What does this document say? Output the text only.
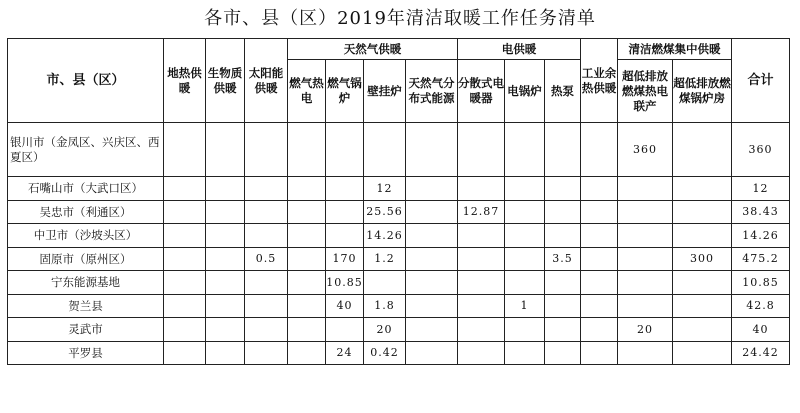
各市、县（区）2019年清洁取暖工作任务清单
市、县（区）	地热供暖	生物质供暖	太阳能供暖	天然气供暖				电供暖			工业余热供暖	清洁燃煤集中供暖		合计
				燃气热电	燃气锅炉	壁挂炉	天然气分布式能源	分散式电暖器	电锅炉	热泵		超低排放燃煤热电联产	超低排放燃煤锅炉房	
银川市（金凤区、兴庆区、西夏区）												360		360
石嘴山市（大武口区）						12								12
吴忠市（利通区）						25.56		12.87						38.43
中卫市（沙坡头区）						14.26								14.26
固原市（原州区）			0.5		170	1.2				3.5			300	475.2
宁东能源基地					10.85									10.85
贺兰县					40	1.8			1					42.8
灵武市						20						20		40
平罗县					24	0.42								24.42
